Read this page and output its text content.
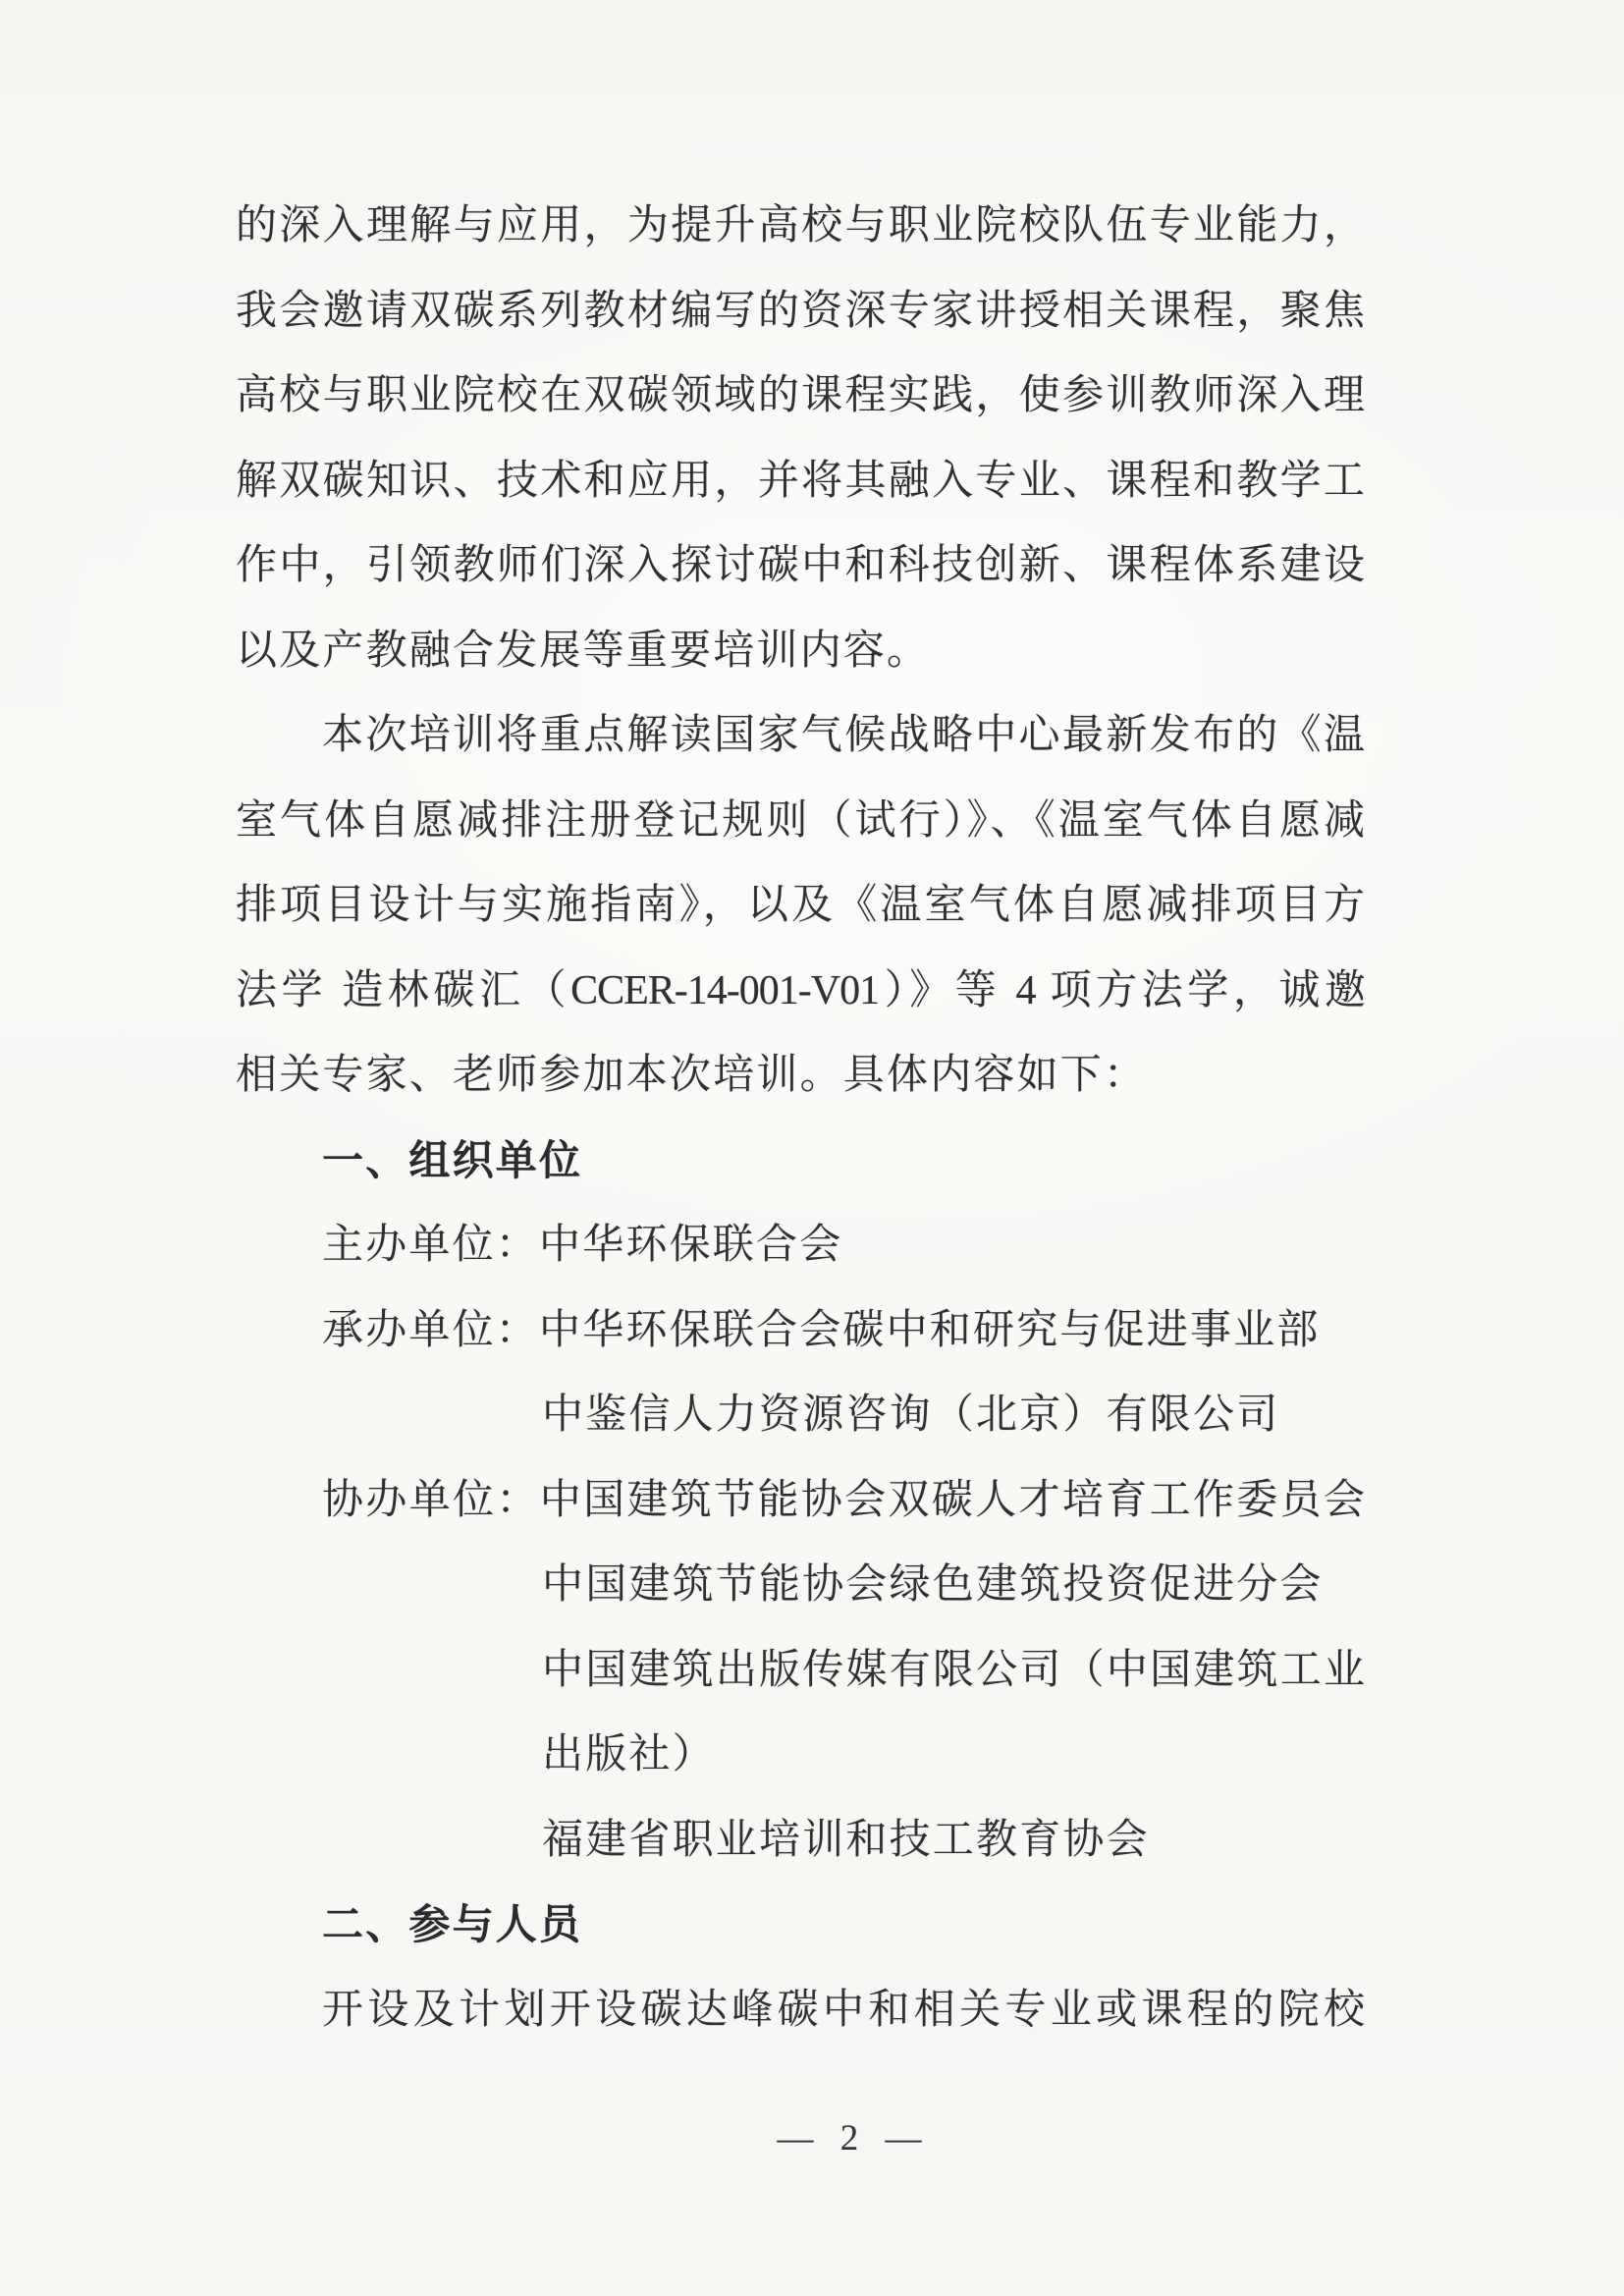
的深入理解与应用，为提升高校与职业院校队伍专业能力，
我会邀请双碳系列教材编写的资深专家讲授相关课程，聚焦
高校与职业院校在双碳领域的课程实践，使参训教师深入理
解双碳知识、技术和应用，并将其融入专业、课程和教学工
作中，引领教师们深入探讨碳中和科技创新、课程体系建设
以及产教融合发展等重要培训内容。
本次培训将重点解读国家气候战略中心最新发布的《温
室气体自愿减排注册登记规则（试行）》、《温室气体自愿减
排项目设计与实施指南》，以及《温室气体自愿减排项目方
法学 造林碳汇（CCER-14-001-V01）》等 4 项方法学，诚邀
相关专家、老师参加本次培训。具体内容如下：
一、组织单位
主办单位：中华环保联合会
承办单位：中华环保联合会碳中和研究与促进事业部
中鉴信人力资源咨询（北京）有限公司
协办单位：中国建筑节能协会双碳人才培育工作委员会
中国建筑节能协会绿色建筑投资促进分会
中国建筑出版传媒有限公司（中国建筑工业
出版社）
福建省职业培训和技工教育协会
二、参与人员
开设及计划开设碳达峰碳中和相关专业或课程的院校
— 2 —
